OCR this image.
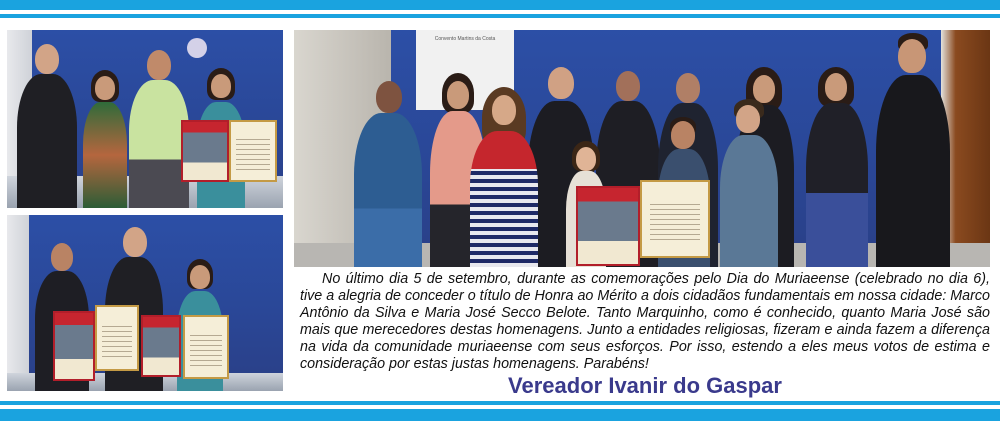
Convento Martins da Costa

No último dia 5 de setembro, durante as comemorações pelo Dia do Muriaeense (celebrado no dia 6), tive a alegria de conceder o título de Honra ao Mérito a dois cidadãos fundamentais em nossa cidade: Marco Antônio da Silva e Maria José Secco Belote. Tanto Marquinho, como é conhecido, quanto Maria José são mais que merecedores destas homenagens. Junto a entidades religiosas, fizeram e ainda fazem a diferença na vida da comunidade muriaeense com seus esforços. Por isso, estendo a eles meus votos de estima e consideração por estas justas homenagens. Parabéns!

Vereador Ivanir do Gaspar
